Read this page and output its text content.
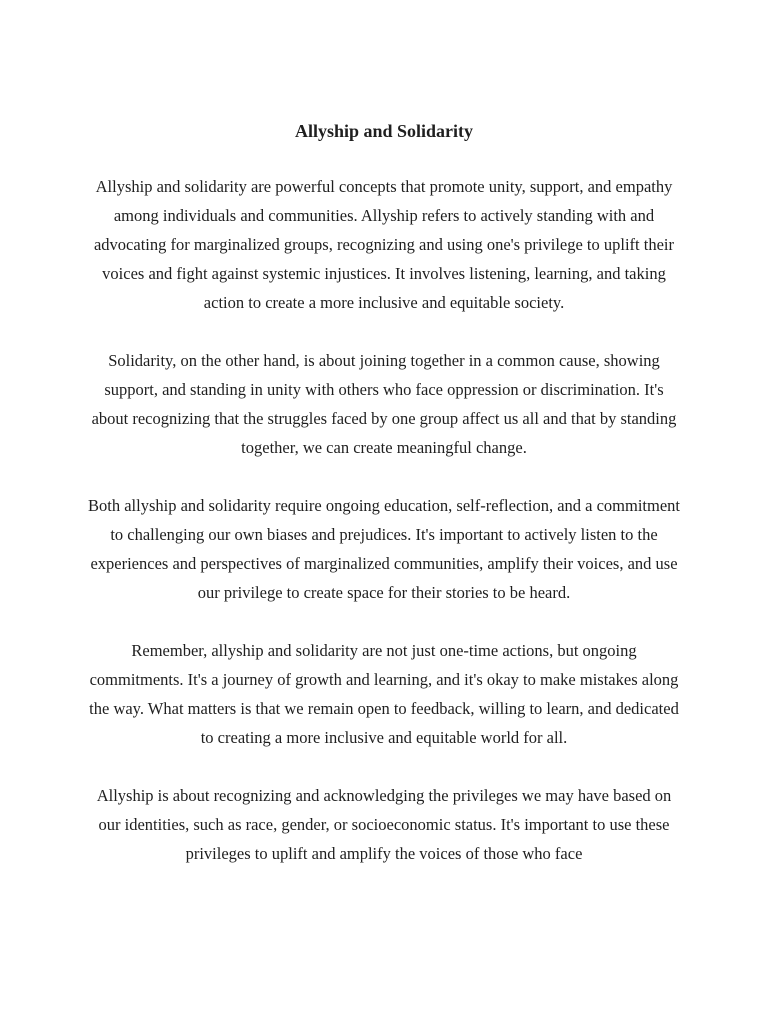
Allyship and Solidarity

Allyship and solidarity are powerful concepts that promote unity, support, and empathy among individuals and communities. Allyship refers to actively standing with and advocating for marginalized groups, recognizing and using one's privilege to uplift their voices and fight against systemic injustices. It involves listening, learning, and taking action to create a more inclusive and equitable society.

Solidarity, on the other hand, is about joining together in a common cause, showing support, and standing in unity with others who face oppression or discrimination. It's about recognizing that the struggles faced by one group affect us all and that by standing together, we can create meaningful change.

Both allyship and solidarity require ongoing education, self-reflection, and a commitment to challenging our own biases and prejudices. It's important to actively listen to the experiences and perspectives of marginalized communities, amplify their voices, and use our privilege to create space for their stories to be heard.

Remember, allyship and solidarity are not just one-time actions, but ongoing commitments. It's a journey of growth and learning, and it's okay to make mistakes along the way. What matters is that we remain open to feedback, willing to learn, and dedicated to creating a more inclusive and equitable world for all.

Allyship is about recognizing and acknowledging the privileges we may have based on our identities, such as race, gender, or socioeconomic status. It's important to use these privileges to uplift and amplify the voices of those who face
